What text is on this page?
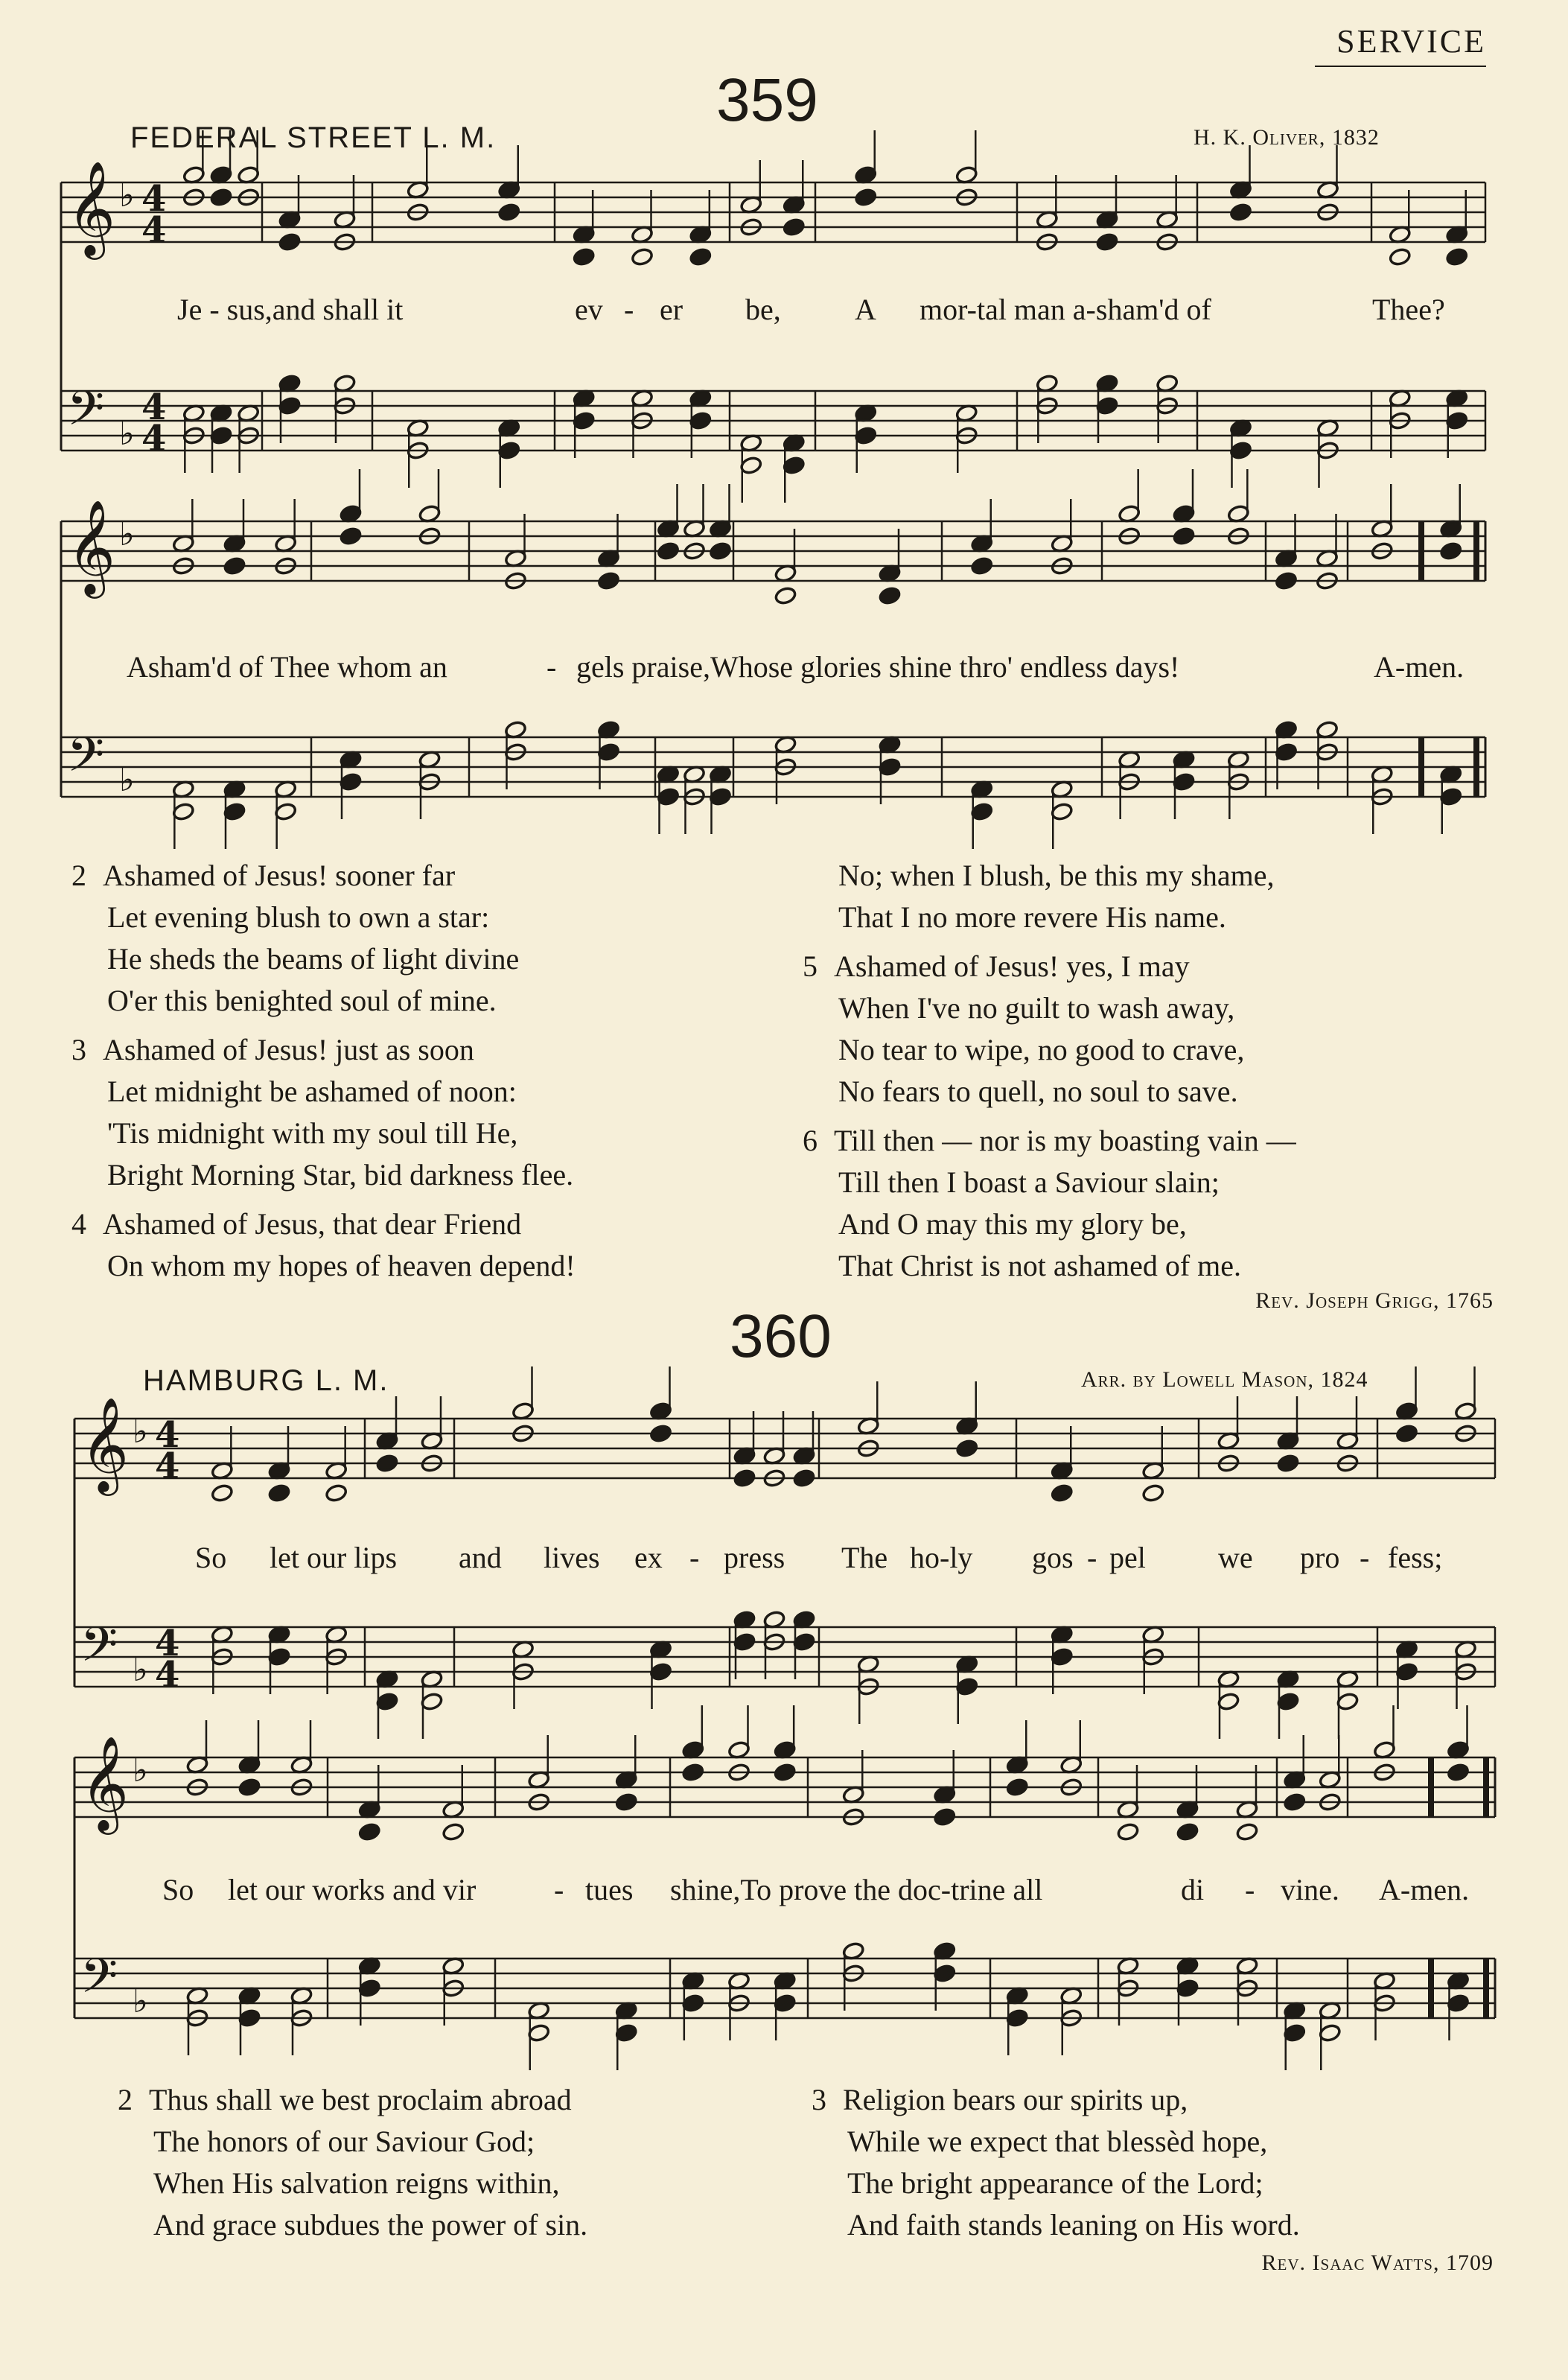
SERVICE
359
FEDERAL STREET L. M.	H. K. Oliver, 1832
𝄞 ♭ 4
4
𝄢 ♭
4
4
𝄞 ♭
𝄢 ♭
𝄞 ♭ 4
4
𝄢 ♭
4
4
𝄞 ♭
𝄢 ♭
Je - sus,and shall it	ev - er be, A mor-tal man a-sham'd of	Thee?
Asham'd of Thee whom an	- gels praise,Whose glories shine thro' endless days!	A-men.
2 Ashamed of Jesus! sooner far
Let evening blush to own a star:
He sheds the beams of light divine
O'er this benighted soul of mine.
3 Ashamed of Jesus! just as soon
Let midnight be ashamed of noon:
'Tis midnight with my soul till He,
Bright Morning Star, bid darkness flee.
4 Ashamed of Jesus, that dear Friend
On whom my hopes of heaven depend!
No; when I blush, be this my shame,
That I no more revere His name.
5 Ashamed of Jesus! yes, I may
When I've no guilt to wash away,
No tear to wipe, no good to crave,
No fears to quell, no soul to save.
6 Till then — nor is my boasting vain —
Till then I boast a Saviour slain;
And O may this my glory be,
That Christ is not ashamed of me.
Rev. Joseph Grigg, 1765
360
HAMBURG L. M.	Arr. by Lowell Mason, 1824
So let our lips and lives ex - press The ho-ly gos - pel we pro - fess;
So let our works and vir	- tues shine,To prove the doc-trine all	di - vine. A-men.
2 Thus shall we best proclaim abroad
The honors of our Saviour God;
When His salvation reigns within,
And grace subdues the power of sin.
3 Religion bears our spirits up,
While we expect that blessèd hope,
The bright appearance of the Lord;
And faith stands leaning on His word.
Rev. Isaac Watts, 1709
